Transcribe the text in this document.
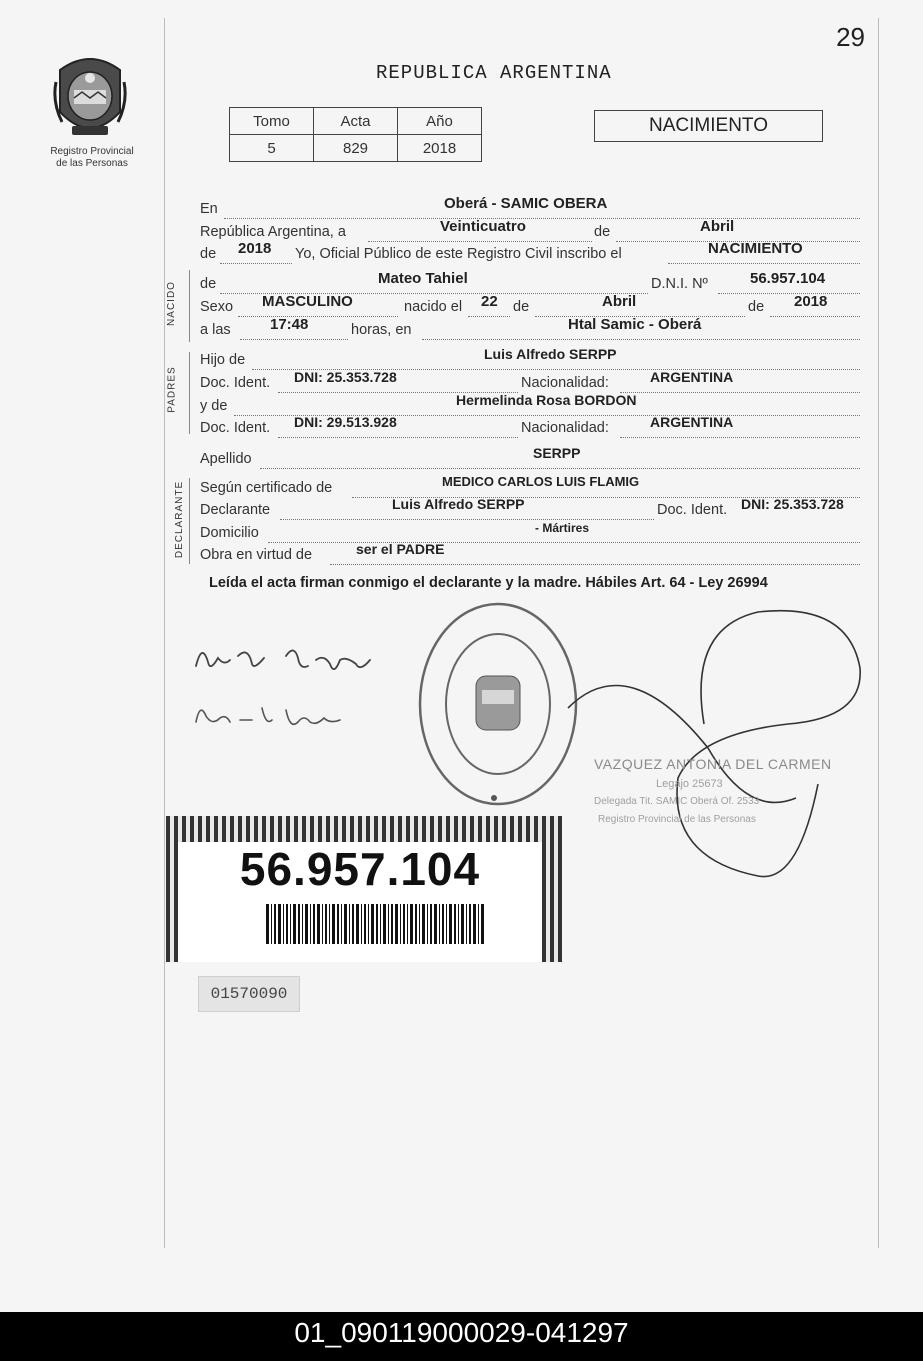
29
Registro Provincial
de las Personas
REPUBLICA ARGENTINA
Tomo	Acta	Año
5	829	2018
NACIMIENTO
En	Oberá - SAMIC OBERA
República Argentina, a	Veinticuatro	de	Abril
de 2018 Yo, Oficial Público de este Registro Civil inscribo el	NACIMIENTO
NACIDO de	Mateo Tahiel	D.N.I. Nº	56.957.104
Sexo MASCULINO	nacido el 22 de	Abril	de 2018
a las	17:48	horas, en	Htal Samic - Oberá
PADRES
Hijo de	Luis Alfredo SERPP
Doc. Ident. DNI: 25.353.728	Nacionalidad:	ARGENTINA
y de	Hermelinda Rosa BORDON
Doc. Ident. DNI: 29.513.928	Nacionalidad:	ARGENTINA
Apellido	SERPP
DECLARANTE Según certificado de	MEDICO CARLOS LUIS FLAMIG
Declarante	Luis Alfredo SERPP	Doc. Ident. DNI: 25.353.728
Domicilio	- Mártires
Obra en virtud de	ser el PADRE
Leída el acta firman conmigo el declarante y la madre. Hábiles Art. 64 - Ley 26994
VAZQUEZ ANTONIA DEL CARMEN
Legajo 25673
Delegada Tit. SAMIC Oberá Of. 2533
Registro Provincial de las Personas
56.957.104
01570090
01_090119000029-041297
